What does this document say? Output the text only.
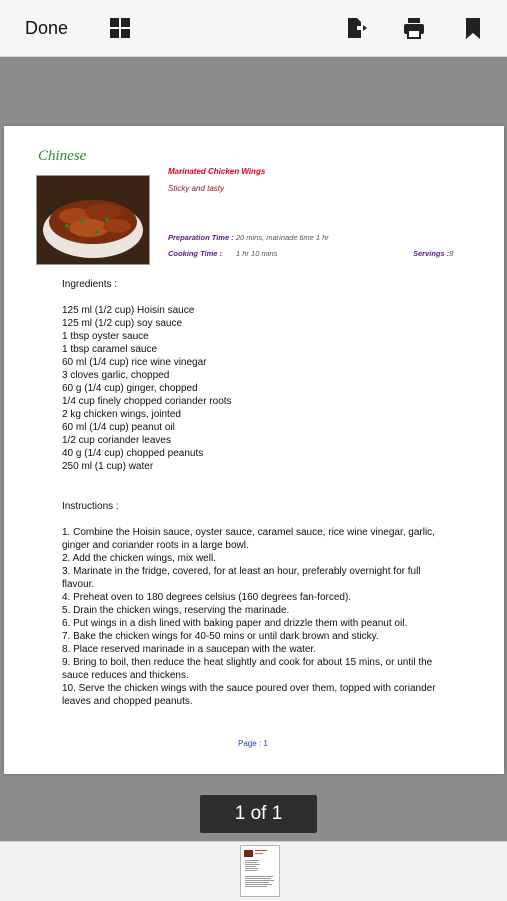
Done
Chinese
Marinated Chicken Wings
Sticky and tasty
Preparation Time : 20 mins, marinade time 1 hr
Cooking Time : 1 hr 10 mins	Servings :8
Ingredients :
125 ml (1/2 cup) Hoisin sauce
125 ml (1/2 cup) soy sauce
1 tbsp oyster sauce
1 tbsp caramel sauce
60 ml (1/4 cup) rice wine vinegar
3 cloves garlic, chopped
60 g (1/4 cup) ginger, chopped
1/4 cup finely chopped coriander roots
2 kg chicken wings, jointed
60 ml (1/4 cup) peanut oil
1/2 cup coriander leaves
40 g (1/4 cup) chopped peanuts
250 ml (1 cup) water
Instructions :
1. Combine the Hoisin sauce, oyster sauce, caramel sauce, rice wine vinegar, garlic, ginger and coriander roots in a large bowl.
2. Add the chicken wings, mix well.
3. Marinate in the fridge, covered, for at least an hour, preferably overnight for full flavour.
4. Preheat oven to 180 degrees celsius (160 degrees fan-forced).
5. Drain the chicken wings, reserving the marinade.
6. Put wings in a dish lined with baking paper and drizzle them with peanut oil.
7. Bake the chicken wings for 40-50 mins or until dark brown and sticky.
8. Place reserved marinade in a saucepan with the water.
9. Bring to boil, then reduce the heat slightly and cook for about 15 mins, or until the sauce reduces and thickens.
10. Serve the chicken wings with the sauce poured over them, topped with coriander leaves and chopped peanuts.
Page : 1
1 of 1
